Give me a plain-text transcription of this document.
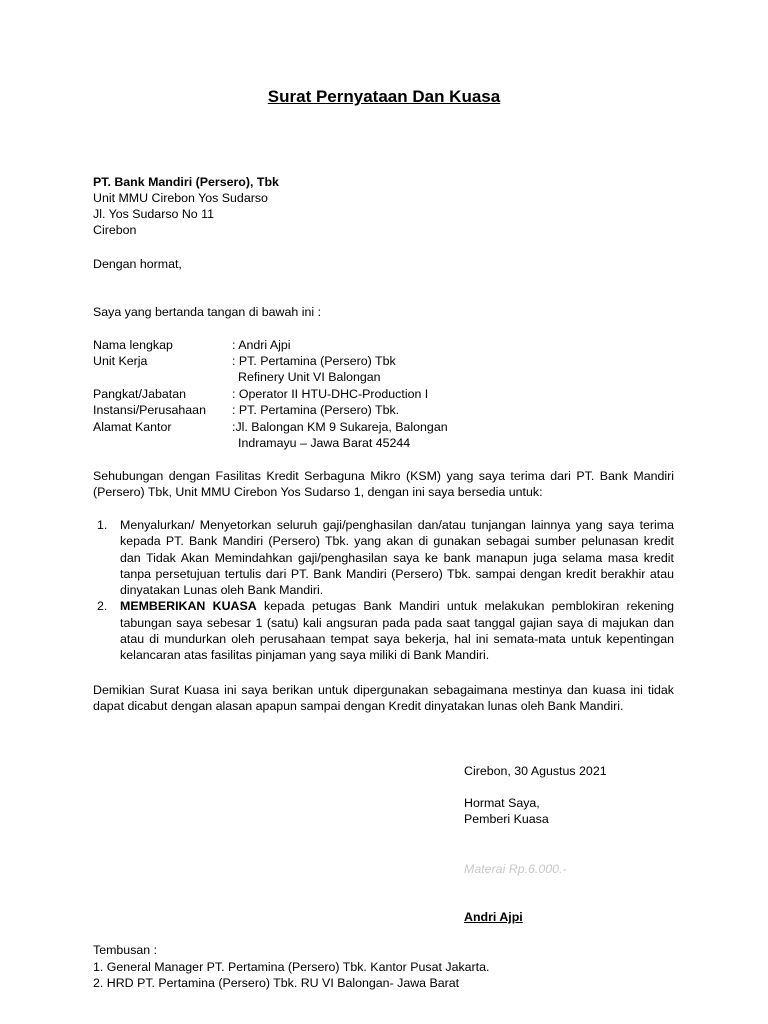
Surat Pernyataan Dan Kuasa
PT. Bank Mandiri (Persero), Tbk
Unit MMU Cirebon Yos Sudarso
Jl. Yos Sudarso No 11
Cirebon
Dengan hormat,
Saya yang bertanda tangan di bawah ini :
Nama lengkap	: Andri Ajpi
Unit Kerja	: PT. Pertamina (Persero) Tbk
Refinery Unit VI Balongan
Pangkat/Jabatan	: Operator II HTU-DHC-Production I
Instansi/Perusahaan : PT. Pertamina (Persero) Tbk.
Alamat Kantor	:Jl. Balongan KM 9 Sukareja, Balongan
Indramayu – Jawa Barat 45244
Sehubungan dengan Fasilitas Kredit Serbaguna Mikro (KSM) yang saya terima dari PT. Bank Mandiri (Persero) Tbk, Unit MMU Cirebon Yos Sudarso 1, dengan ini saya bersedia untuk:
1. Menyalurkan/ Menyetorkan seluruh gaji/penghasilan dan/atau tunjangan lainnya yang saya terima kepada PT. Bank Mandiri (Persero) Tbk. yang akan di gunakan sebagai sumber pelunasan kredit dan Tidak Akan Memindahkan gaji/penghasilan saya ke bank manapun juga selama masa kredit tanpa persetujuan tertulis dari PT. Bank Mandiri (Persero) Tbk. sampai dengan kredit berakhir atau dinyatakan Lunas oleh Bank Mandiri.
2. MEMBERIKAN KUASA kepada petugas Bank Mandiri untuk melakukan pemblokiran rekening tabungan saya sebesar 1 (satu) kali angsuran pada pada saat tanggal gajian saya di majukan dan atau di mundurkan oleh perusahaan tempat saya bekerja, hal ini semata-mata untuk kepentingan kelancaran atas fasilitas pinjaman yang saya miliki di Bank Mandiri.
Demikian Surat Kuasa ini saya berikan untuk dipergunakan sebagaimana mestinya dan kuasa ini tidak dapat dicabut dengan alasan apapun sampai dengan Kredit dinyatakan lunas oleh Bank Mandiri.
Cirebon, 30 Agustus 2021
Hormat Saya,
Pemberi Kuasa
Materai Rp.6.000.-
Andri Ajpi
Tembusan :
1. General Manager PT. Pertamina (Persero) Tbk. Kantor Pusat Jakarta.
2. HRD PT. Pertamina (Persero) Tbk. RU VI Balongan- Jawa Barat
